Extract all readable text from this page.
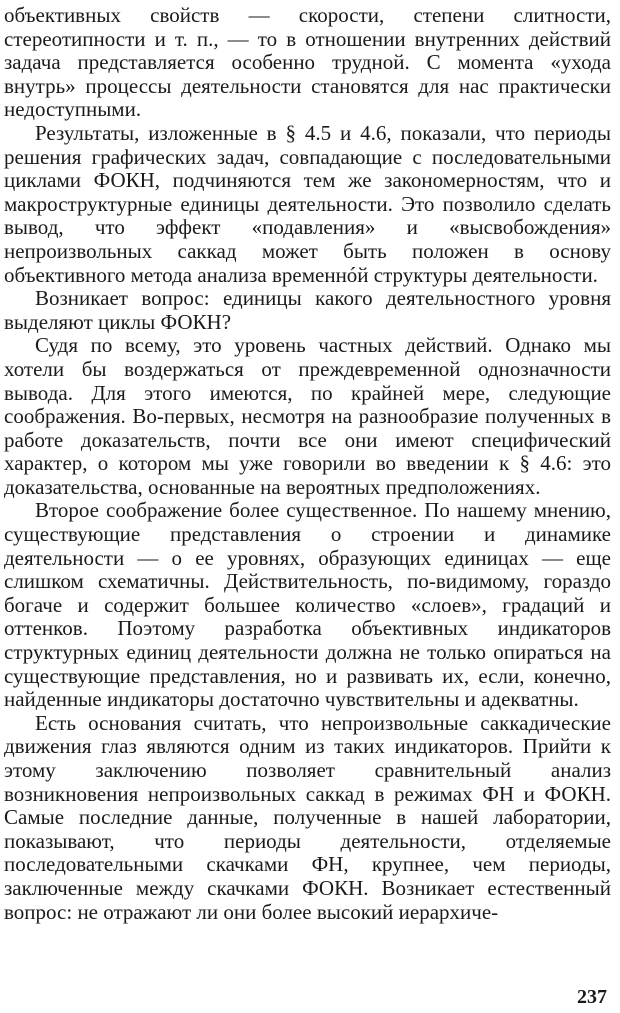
объективных свойств — скорости, степени слитности, стереотипности и т. п., — то в отношении внутренних действий задача представляется особенно трудной. С момента «ухода внутрь» процессы деятельности становятся для нас практически недоступными.

Результаты, изложенные в § 4.5 и 4.6, показали, что периоды решения графических задач, совпадающие с последовательными циклами ФОКН, подчиняются тем же закономерностям, что и макроструктурные единицы деятельности. Это позволило сделать вывод, что эффект «подавления» и «высвобождения» непроизвольных саккад может быть положен в основу объективного метода анализа временнóй структуры деятельности.

Возникает вопрос: единицы какого деятельностного уровня выделяют циклы ФОКН?

Судя по всему, это уровень частных действий. Однако мы хотели бы воздержаться от преждевременной однозначности вывода. Для этого имеются, по крайней мере, следующие соображения. Во-первых, несмотря на разнообразие полученных в работе доказательств, почти все они имеют специфический характер, о котором мы уже говорили во введении к § 4.6: это доказательства, основанные на вероятных предположениях.

Второе соображение более существенное. По нашему мнению, существующие представления о строении и динамике деятельности — о ее уровнях, образующих единицах — еще слишком схематичны. Действительность, по-видимому, гораздо богаче и содержит большее количество «слоев», градаций и оттенков. Поэтому разработка объективных индикаторов структурных единиц деятельности должна не только опираться на существующие представления, но и развивать их, если, конечно, найденные индикаторы достаточно чувствительны и адекватны.

Есть основания считать, что непроизвольные саккадические движения глаз являются одним из таких индикаторов. Прийти к этому заключению позволяет сравнительный анализ возникновения непроизвольных саккад в режимах ФН и ФОКН. Самые последние данные, полученные в нашей лаборатории, показывают, что периоды деятельности, отделяемые последовательными скачками ФН, крупнее, чем периоды, заключенные между скачками ФОКН. Возникает естественный вопрос: не отражают ли они более высокий иерархиче-

237
